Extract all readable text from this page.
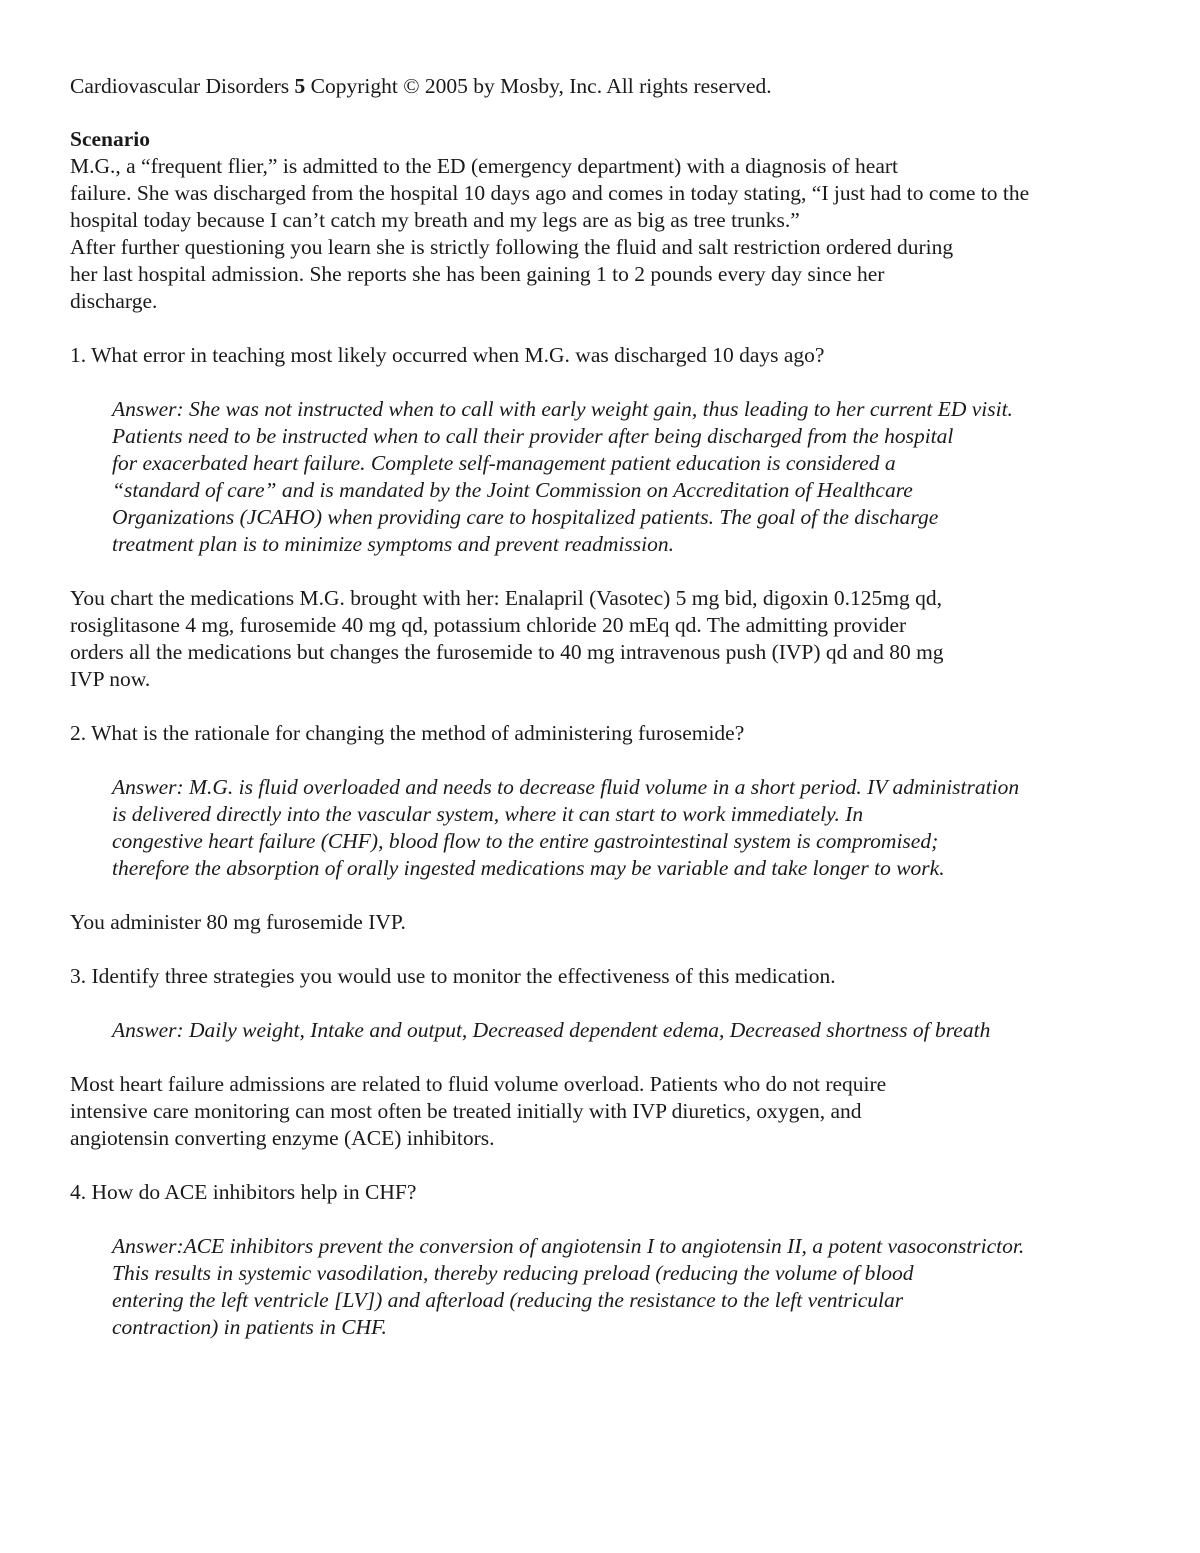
Cardiovascular Disorders 5 Copyright © 2005 by Mosby, Inc. All rights reserved.
Scenario
M.G., a “frequent flier,” is admitted to the ED (emergency department) with a diagnosis of heart
failure. She was discharged from the hospital 10 days ago and comes in today stating, “I just had to come to the
hospital today because I can’t catch my breath and my legs are as big as tree trunks.”
After further questioning you learn she is strictly following the fluid and salt restriction ordered during
her last hospital admission. She reports she has been gaining 1 to 2 pounds every day since her
discharge.
1. What error in teaching most likely occurred when M.G. was discharged 10 days ago?
Answer: She was not instructed when to call with early weight gain, thus leading to her current ED visit.
Patients need to be instructed when to call their provider after being discharged from the hospital
for exacerbated heart failure. Complete self-management patient education is considered a
“standard of care” and is mandated by the Joint Commission on Accreditation of Healthcare
Organizations (JCAHO) when providing care to hospitalized patients. The goal of the discharge
treatment plan is to minimize symptoms and prevent readmission.
You chart the medications M.G. brought with her: Enalapril (Vasotec) 5 mg bid, digoxin 0.125mg qd,
rosiglitasone 4 mg, furosemide 40 mg qd, potassium chloride 20 mEq qd. The admitting provider
orders all the medications but changes the furosemide to 40 mg intravenous push (IVP) qd and 80 mg
IVP now.
2. What is the rationale for changing the method of administering furosemide?
Answer: M.G. is fluid overloaded and needs to decrease fluid volume in a short period. IV administration
is delivered directly into the vascular system, where it can start to work immediately. In
congestive heart failure (CHF), blood flow to the entire gastrointestinal system is compromised;
therefore the absorption of orally ingested medications may be variable and take longer to work.
You administer 80 mg furosemide IVP.
3. Identify three strategies you would use to monitor the effectiveness of this medication.
Answer: Daily weight, Intake and output, Decreased dependent edema, Decreased shortness of breath
Most heart failure admissions are related to fluid volume overload. Patients who do not require
intensive care monitoring can most often be treated initially with IVP diuretics, oxygen, and
angiotensin converting enzyme (ACE) inhibitors.
4. How do ACE inhibitors help in CHF?
Answer:ACE inhibitors prevent the conversion of angiotensin I to angiotensin II, a potent vasoconstrictor.
This results in systemic vasodilation, thereby reducing preload (reducing the volume of blood
entering the left ventricle [LV]) and afterload (reducing the resistance to the left ventricular
contraction) in patients in CHF.
